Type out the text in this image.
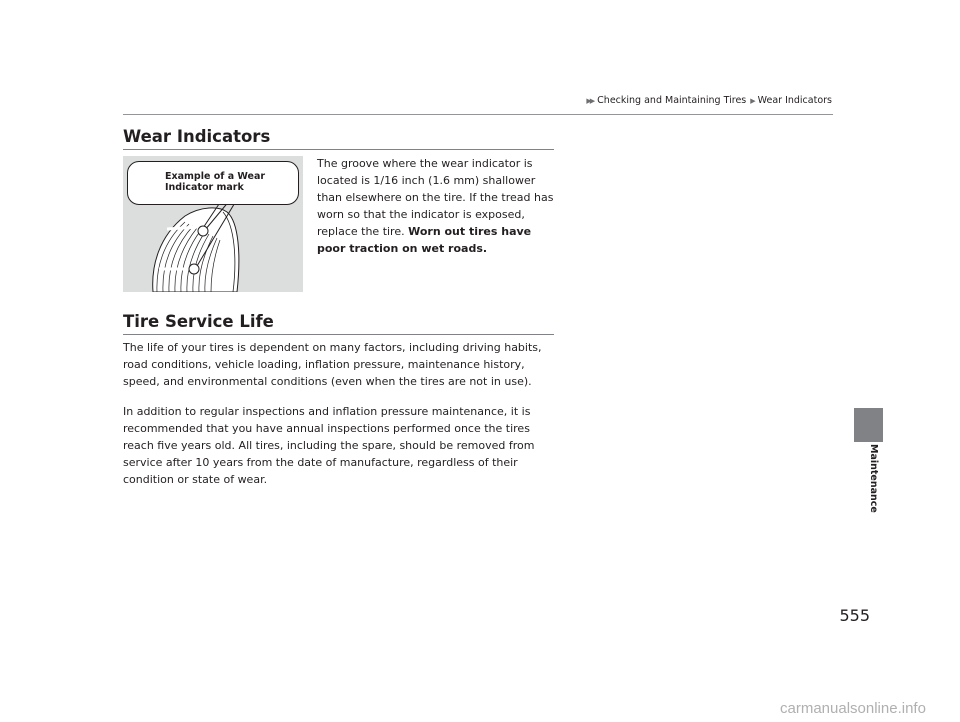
▶▶ Checking and Maintaining Tires ▶ Wear Indicators
Maintenance
Wear Indicators
Example of a Wear Indicator mark
The groove where the wear indicator is located is 1/16 inch (1.6 mm) shallower than elsewhere on the tire. If the tread has worn so that the indicator is exposed, replace the tire. Worn out tires have poor traction on wet roads.
Tire Service Life

The life of your tires is dependent on many factors, including driving habits, road conditions, vehicle loading, inflation pressure, maintenance history, speed, and environmental conditions (even when the tires are not in use).

In addition to regular inspections and inflation pressure maintenance, it is recommended that you have annual inspections performed once the tires reach five years old. All tires, including the spare, should be removed from service after 10 years from the date of manufacture, regardless of their condition or state of wear.

555
carmanualsonline.info
